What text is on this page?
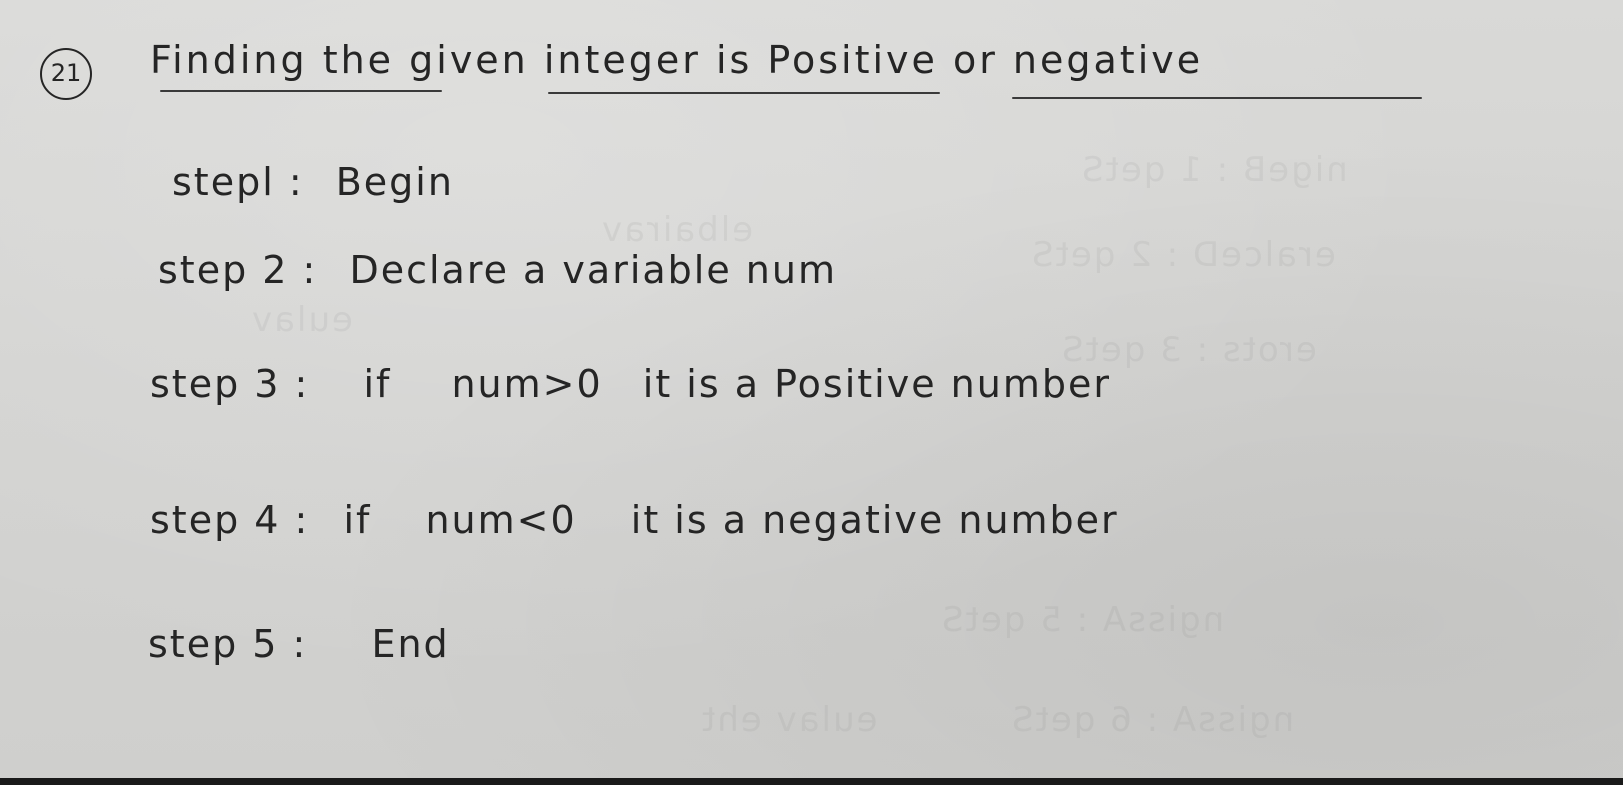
nigeB : 1 qetS
eralceD : 2 qetS
erots : 3 qetS
ngissA : 5 qetS
ngissA : 6 qetS
elbairav
eulav
eulav eht
21 Finding the given integer is Positive or negative
stepl : Begin
step 2 : Declare a variable num
step 3 : if num>0 it is a Positive number
step 4 : if num<0 it is a negative number
step 5 : End
